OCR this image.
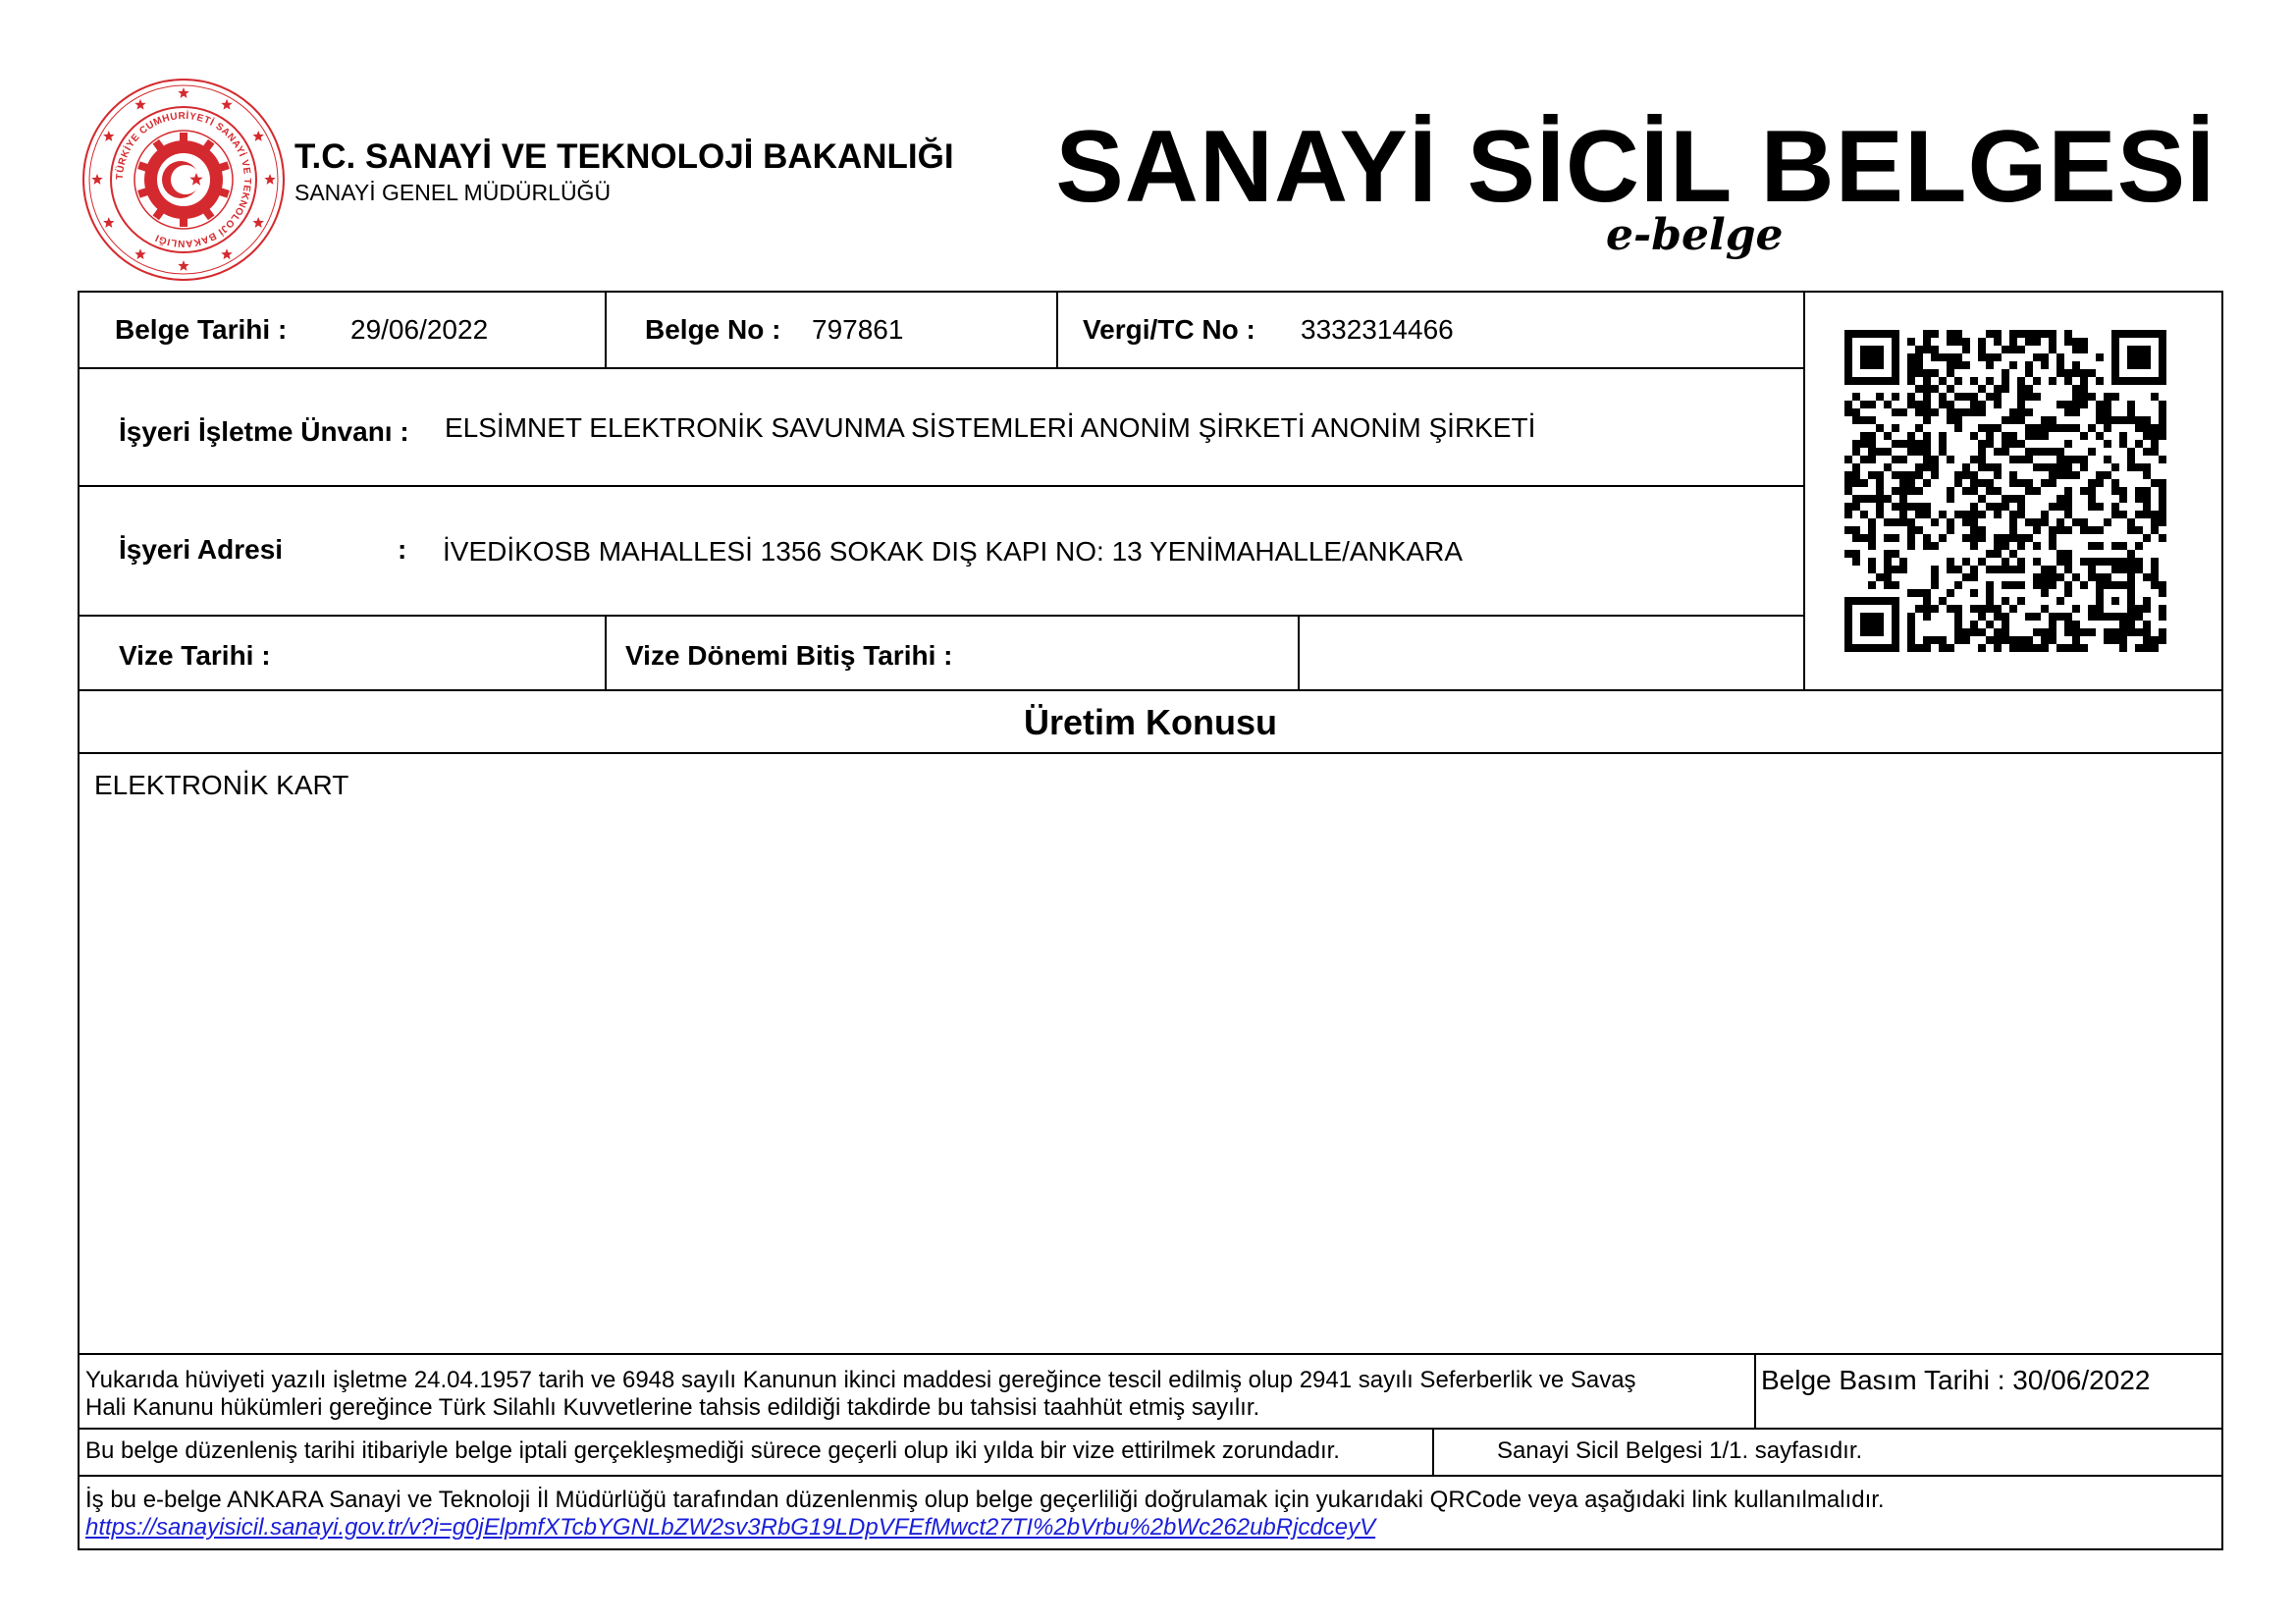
TÜRKİYE CUMHURİYETİ SANAYİ VE TEKNOLOJİ BAKANLIĞI
T.C. SANAYİ VE TEKNOLOJİ BAKANLIĞI
SANAYİ GENEL MÜDÜRLÜĞÜ	SANAYİ SİCİL BELGESİ
e-belge
Belge Tarihi : 29/06/2022	Belge No : 797861	Vergi/TC No : 3332314466
İşyeri İşletme Ünvanı : ELSİMNET ELEKTRONİK SAVUNMA SİSTEMLERİ ANONİM ŞİRKETİ ANONİM ŞİRKETİ
İşyeri Adresi	: İVEDİKOSB MAHALLESİ 1356 SOKAK DIŞ KAPI NO: 13 YENİMAHALLE/ANKARA
Vize Tarihi :	Vize Dönemi Bitiş Tarihi :
Üretim Konusu
ELEKTRONİK KART
Yukarıda hüviyeti yazılı işletme 24.04.1957 tarih ve 6948 sayılı Kanunun ikinci maddesi gereğince tescil edilmiş olup 2941 sayılı Seferberlik ve Savaş
Hali Kanunu hükümleri gereğince Türk Silahlı Kuvvetlerine tahsis edildiği takdirde bu tahsisi taahhüt etmiş sayılır.
Belge Basım Tarihi : 30/06/2022
Bu belge düzenleniş tarihi itibariyle belge iptali gerçekleşmediği sürece geçerli olup iki yılda bir vize ettirilmek zorundadır.	Sanayi Sicil Belgesi 1/1. sayfasıdır.
İş bu e-belge ANKARA Sanayi ve Teknoloji İl Müdürlüğü tarafından düzenlenmiş olup belge geçerliliği doğrulamak için yukarıdaki QRCode veya aşağıdaki link kullanılmalıdır.
https://sanayisicil.sanayi.gov.tr/v?i=g0jElpmfXTcbYGNLbZW2sv3RbG19LDpVFEfMwct27TI%2bVrbu%2bWc262ubRjcdceyV
